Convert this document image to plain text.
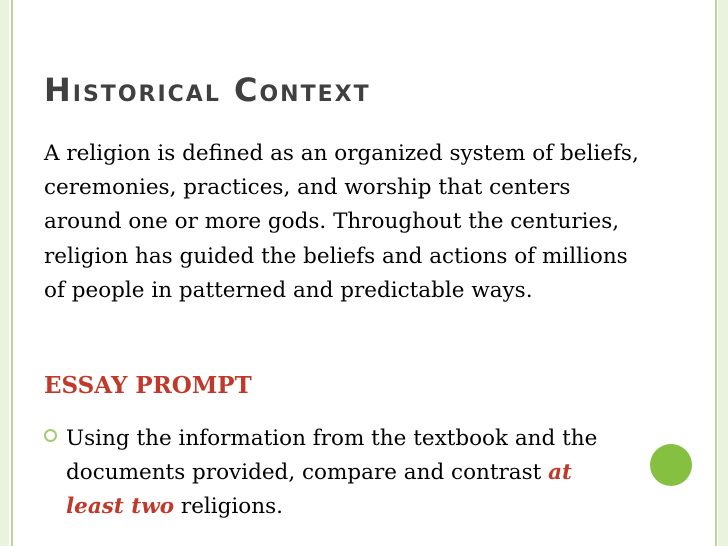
Historical Context

A religion is defined as an organized system of beliefs, ceremonies, practices, and worship that centers around one or more gods. Throughout the centuries, religion has guided the beliefs and actions of millions of people in patterned and predictable ways.

ESSAY PROMPT

Using the information from the textbook and the documents provided, compare and contrast at least two religions.
